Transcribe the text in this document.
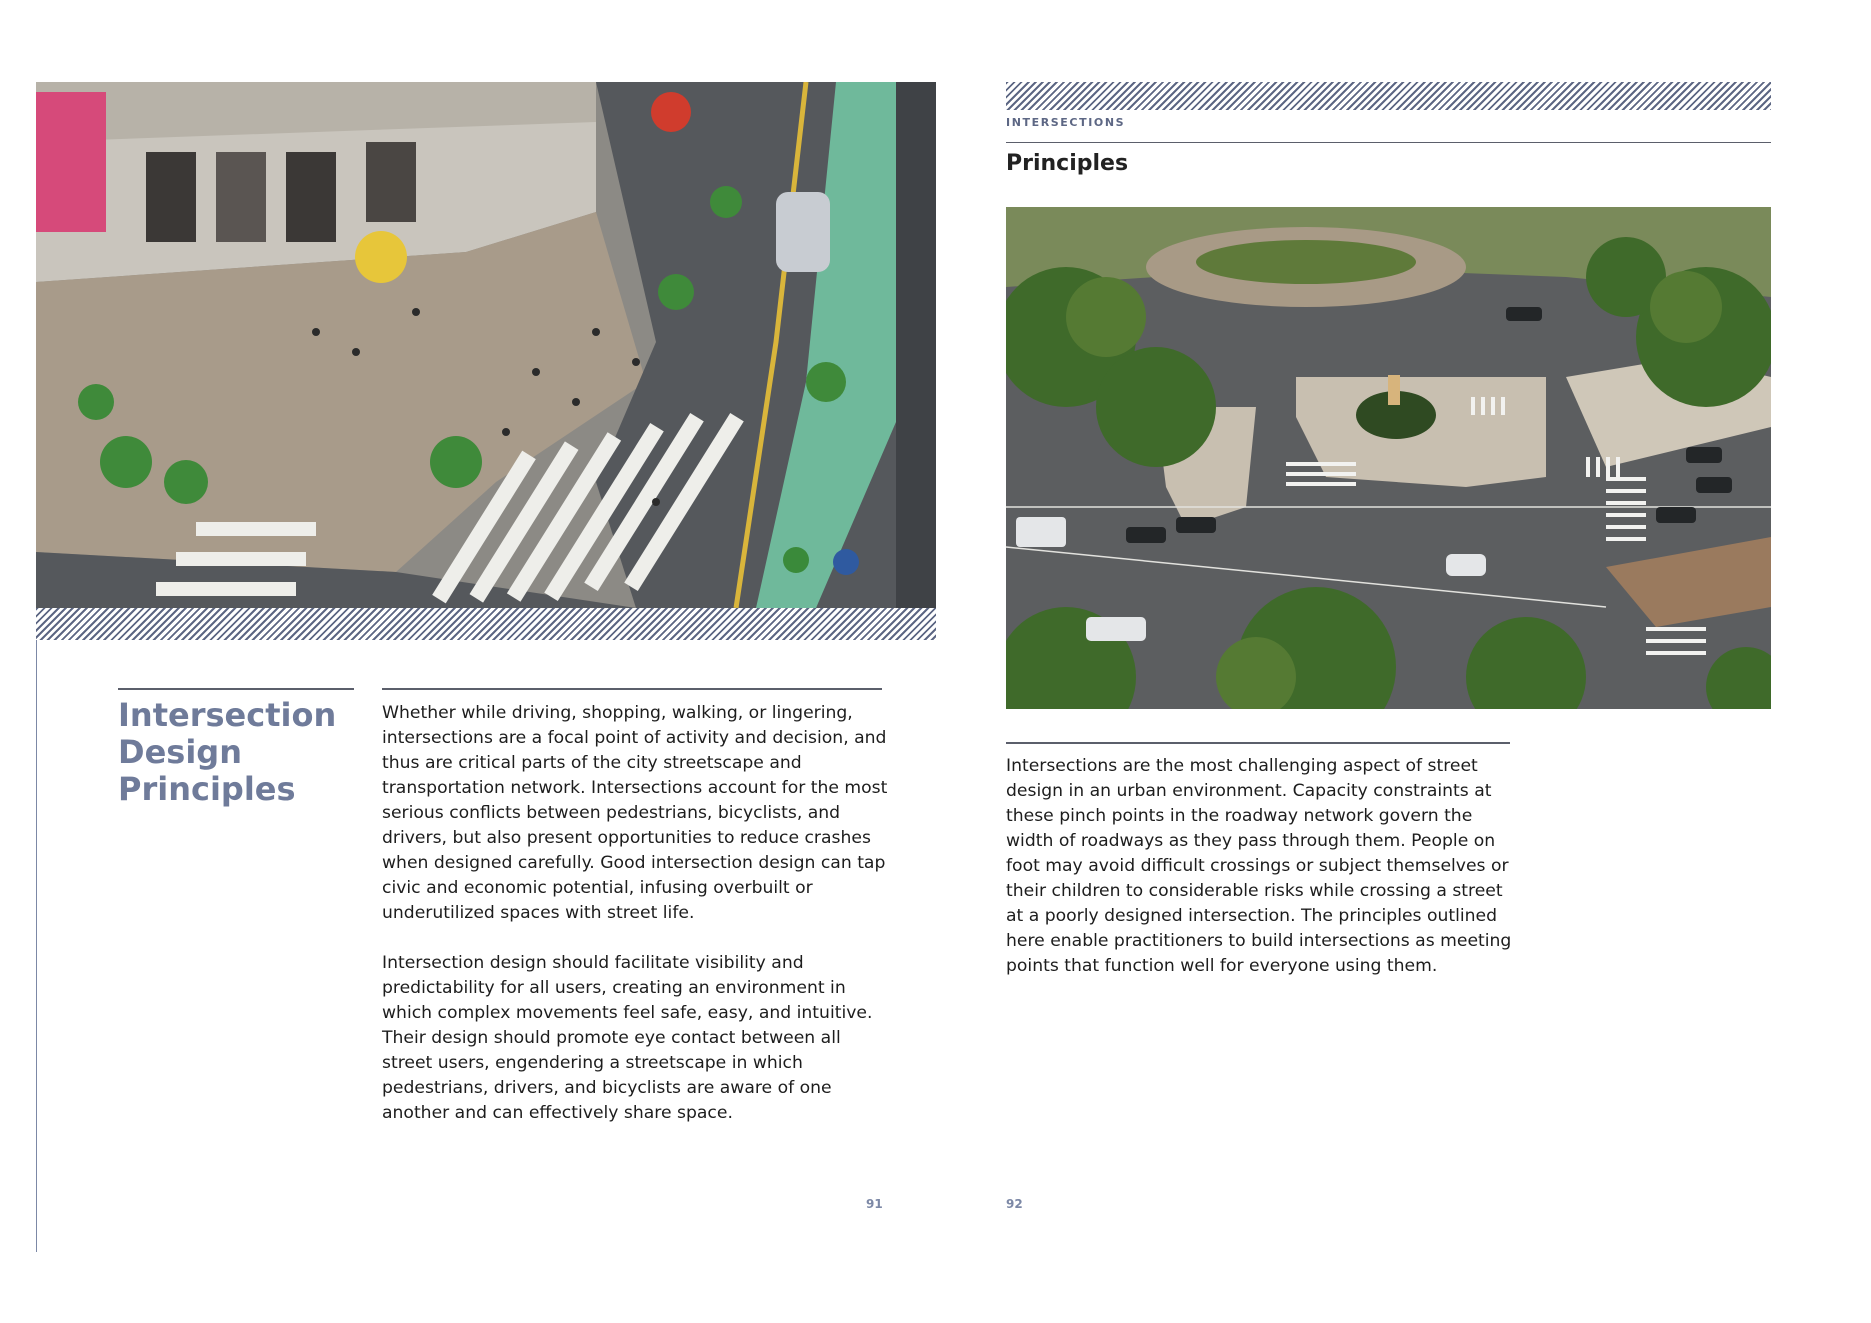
Intersection
Design
Principles

Whether while driving, shopping, walking, or lingering, intersections are a focal point of activity and decision, and thus are critical parts of the city streetscape and transportation network. Intersections account for the most serious conflicts between pedestrians, bicyclists, and drivers, but also present opportunities to reduce crashes when designed carefully. Good intersection design can tap civic and economic potential, infusing overbuilt or underutilized spaces with street life.

Intersection design should facilitate visibility and predictability for all users, creating an environment in which complex movements feel safe, easy, and intuitive. Their design should promote eye contact between all street users, engendering a streetscape in which pedestrians, drivers, and bicyclists are aware of one another and can effectively share space.

91
INTERSECTIONS
Principles

Intersections are the most challenging aspect of street design in an urban environment. Capacity constraints at these pinch points in the roadway network govern the width of roadways as they pass through them. People on foot may avoid difficult crossings or subject themselves or their children to considerable risks while crossing a street at a poorly designed intersection. The principles outlined here enable practitioners to build intersections as meeting points that function well for everyone using them.

92
